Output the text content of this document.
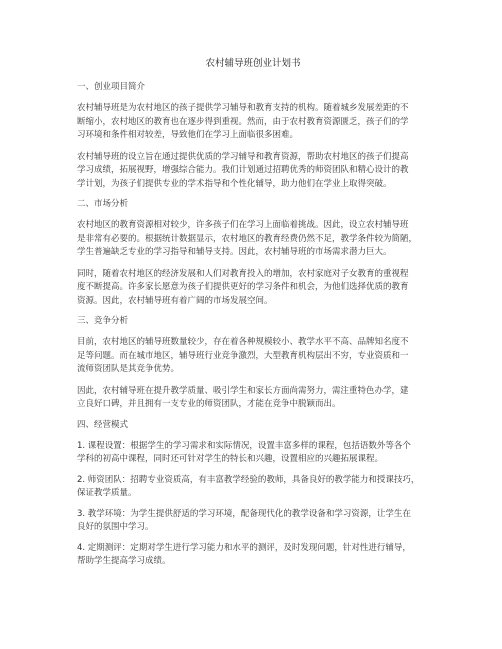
农村辅导班创业计划书
一、创业项目简介

农村辅导班是为农村地区的孩子提供学习辅导和教育支持的机构。随着城乡发展差距的不
断缩小，农村地区的教育也在逐步得到重视。然而，由于农村教育资源匮乏，孩子们的学
习环境和条件相对较差，导致他们在学习上面临很多困难。

农村辅导班的设立旨在通过提供优质的学习辅导和教育资源，帮助农村地区的孩子们提高
学习成绩，拓展视野，增强综合能力。我们计划通过招聘优秀的师资团队和精心设计的教
学计划，为孩子们提供专业的学术指导和个性化辅导，助力他们在学业上取得突破。

二、市场分析

农村地区的教育资源相对较少，许多孩子们在学习上面临着挑战。因此，设立农村辅导班
是非常有必要的。根据统计数据显示，农村地区的教育经费仍然不足，教学条件较为简陋，
学生普遍缺乏专业的学习指导和辅导支持。因此，农村辅导班的市场需求潜力巨大。

同时，随着农村地区的经济发展和人们对教育投入的增加，农村家庭对子女教育的重视程
度不断提高。许多家长愿意为孩子们提供更好的学习条件和机会，为他们选择优质的教育
资源。因此，农村辅导班有着广阔的市场发展空间。

三、竞争分析

目前，农村地区的辅导班数量较少，存在着各种规模较小、教学水平不高、品牌知名度不
足等问题。而在城市地区，辅导班行业竞争激烈，大型教育机构层出不穷，专业资质和一
流师资团队是其竞争优势。

因此，农村辅导班在提升教学质量、吸引学生和家长方面尚需努力，需注重特色办学，建
立良好口碑，并且拥有一支专业的师资团队，才能在竞争中脱颖而出。

四、经营模式

1. 课程设置：根据学生的学习需求和实际情况，设置丰富多样的课程，包括语数外等各个
学科的初高中课程，同时还可针对学生的特长和兴趣，设置相应的兴趣拓展课程。

2. 师资团队：招聘专业资质高，有丰富教学经验的教师，具备良好的教学能力和授课技巧，
保证教学质量。

3. 教学环境：为学生提供舒适的学习环境，配备现代化的教学设备和学习资源，让学生在
良好的氛围中学习。

4. 定期测评：定期对学生进行学习能力和水平的测评，及时发现问题，针对性进行辅导，
帮助学生提高学习成绩。
